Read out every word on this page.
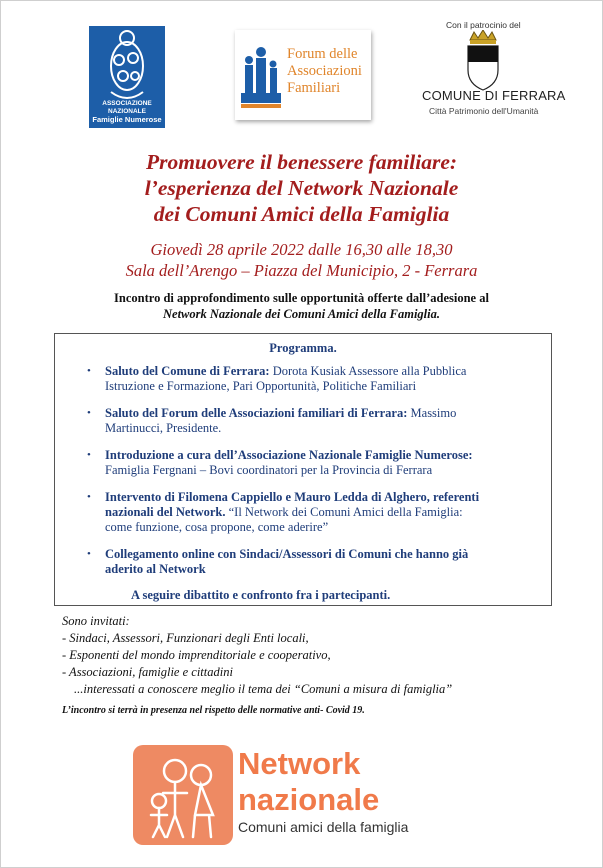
ASSOCIAZIONE NAZIONALE
Famiglie Numerose
Forum delle
Associazioni
Familiari
Con il patrocinio del
COMUNE DI FERRARA
Città Patrimonio dell'Umanità
Promuovere il benessere familiare:
l’esperienza del Network Nazionale
dei Comuni Amici della Famiglia
Giovedì 28 aprile 2022 dalle 16,30 alle 18,30
Sala dell’Arengo – Piazza del Municipio, 2 - Ferrara
Incontro di approfondimento sulle opportunità offerte dall’adesione al
Network Nazionale dei Comuni Amici della Famiglia.
Programma.
• Saluto del Comune di Ferrara: Dorota Kusiak Assessore alla Pubblica
Istruzione e Formazione, Pari Opportunità, Politiche Familiari
• Saluto del Forum delle Associazioni familiari di Ferrara: Massimo
Martinucci, Presidente.
• Introduzione a cura dell’Associazione Nazionale Famiglie Numerose:
Famiglia Fergnani – Bovi coordinatori per la Provincia di Ferrara
• Intervento di Filomena Cappiello e Mauro Ledda di Alghero, referenti
nazionali del Network. “Il Network dei Comuni Amici della Famiglia:
come funzione, cosa propone, come aderire”
• Collegamento online con Sindaci/Assessori di Comuni che hanno già
aderito al Network
A seguire dibattito e confronto fra i partecipanti.
Sono invitati:
- Sindaci, Assessori, Funzionari degli Enti locali,
- Esponenti del mondo imprenditoriale e cooperativo,
- Associazioni, famiglie e cittadini
...interessati a conoscere meglio il tema dei “Comuni a misura di famiglia”
L’incontro si terrà in presenza nel rispetto delle normative anti- Covid 19.
Network
nazionale
Comuni amici della famiglia
